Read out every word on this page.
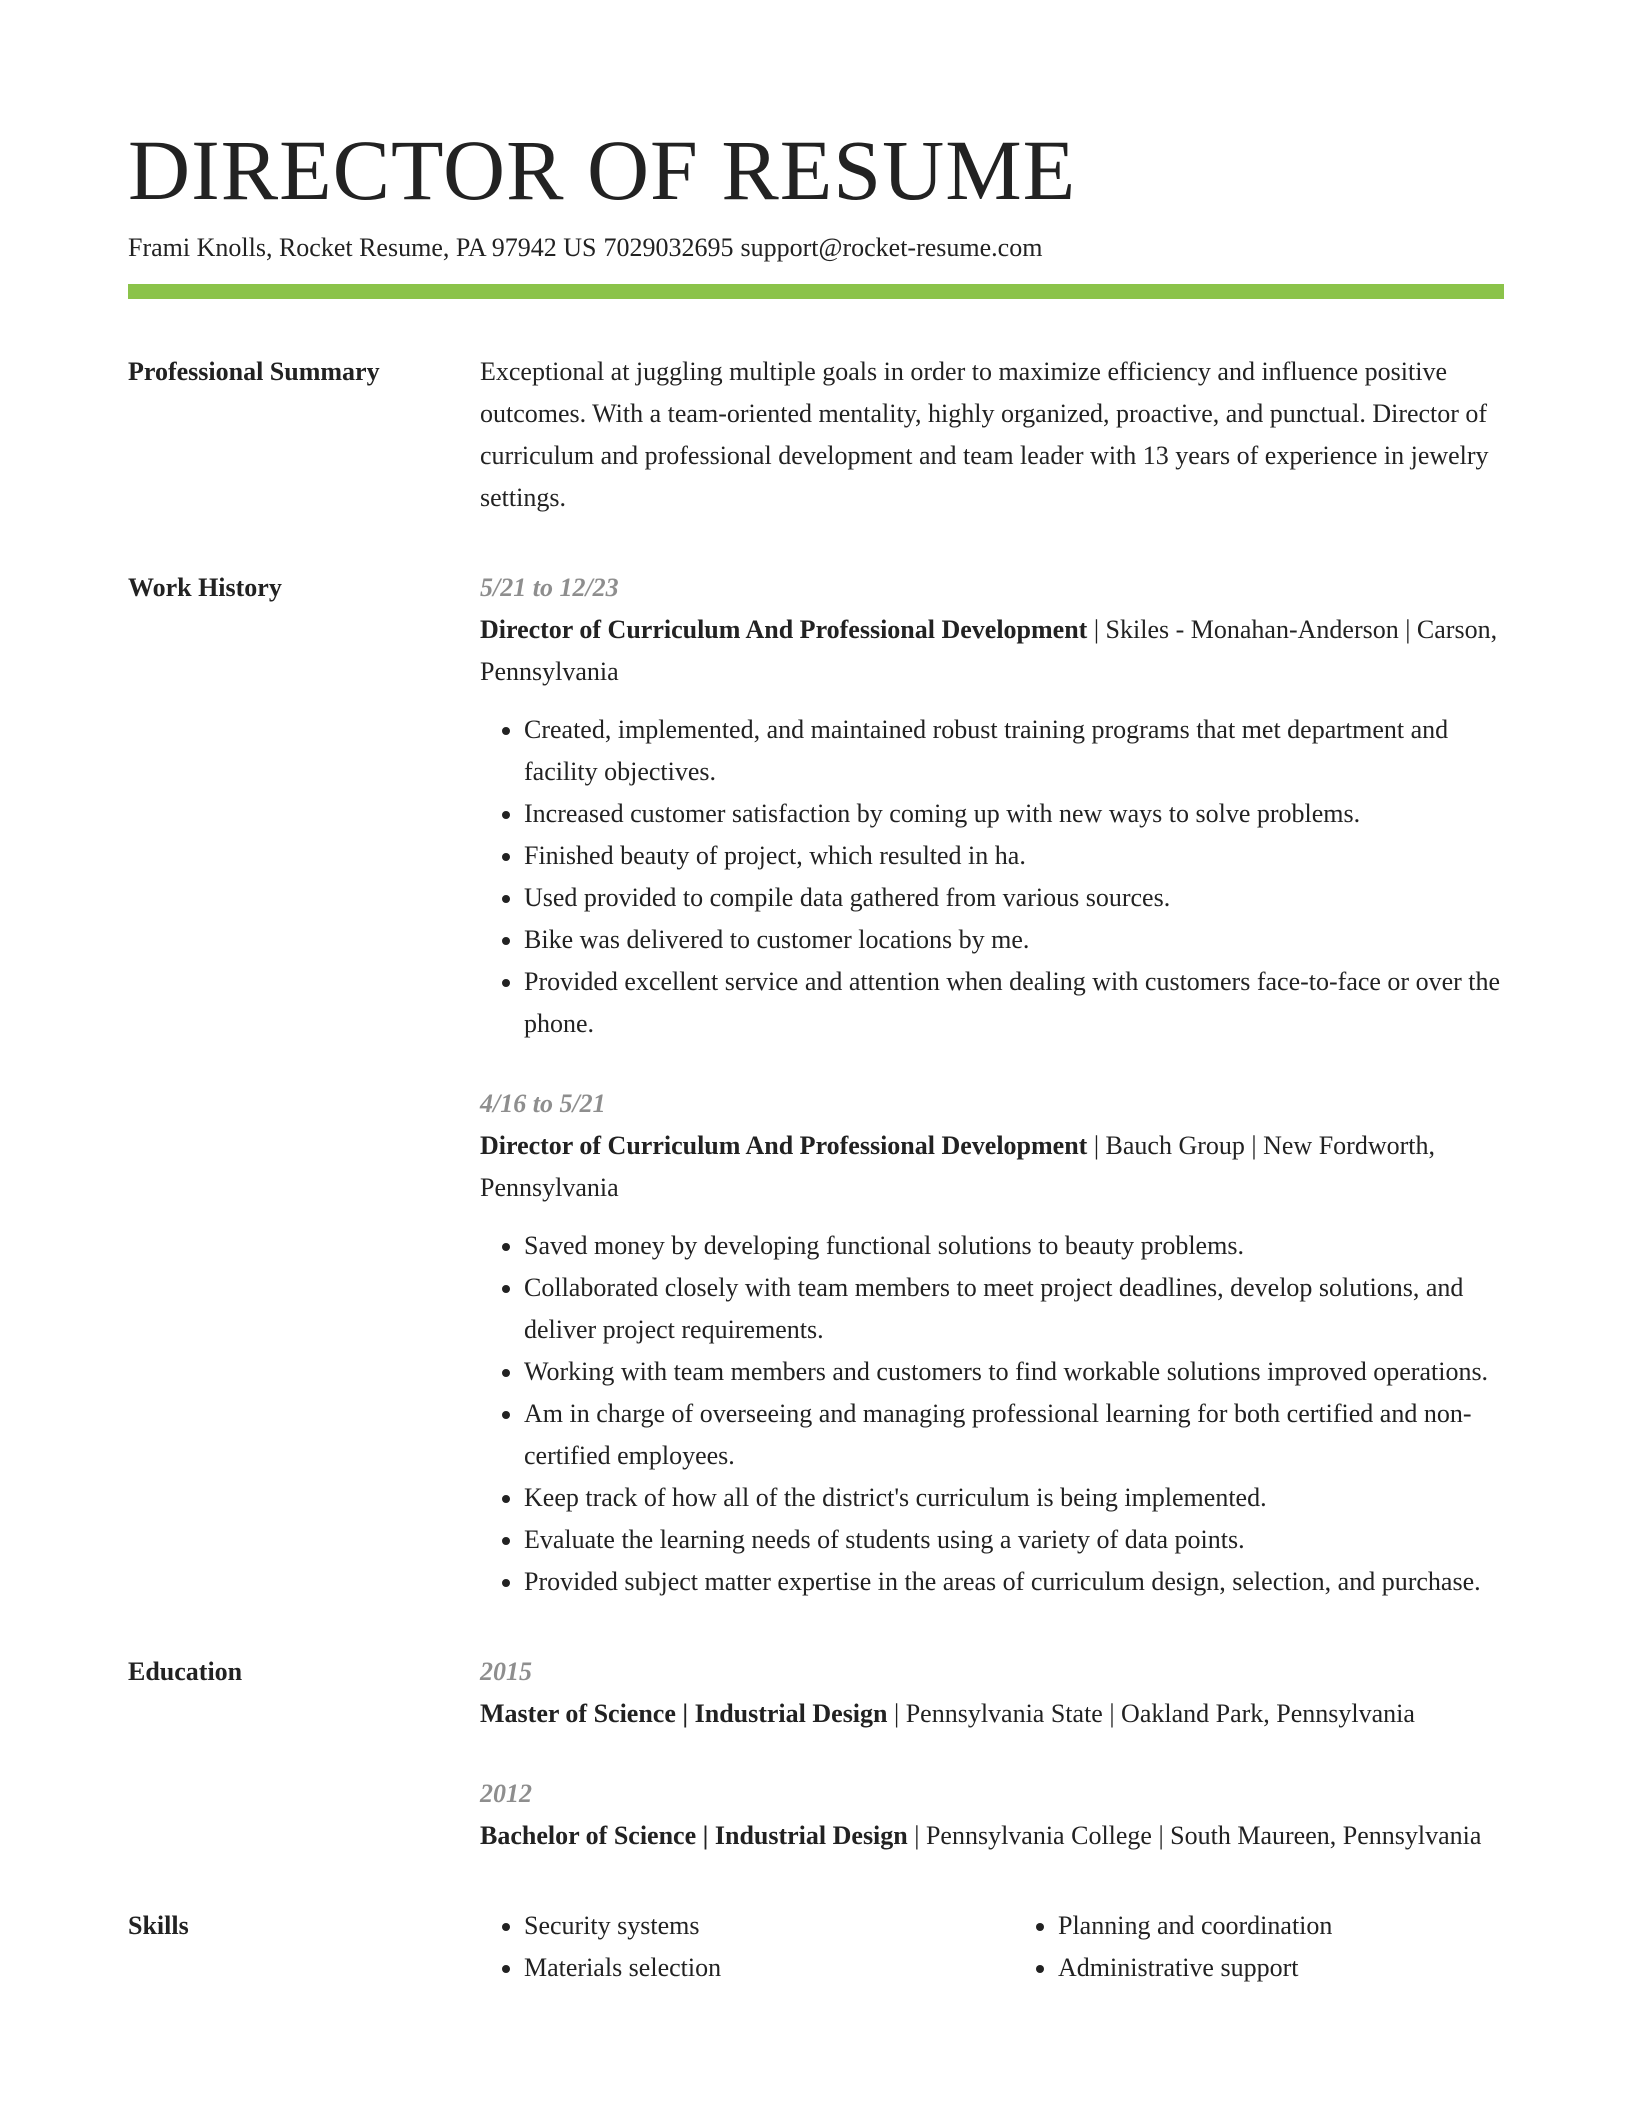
DIRECTOR OF RESUME
Frami Knolls, Rocket Resume, PA 97942 US 7029032695 support@rocket-resume.com
Professional Summary	Exceptional at juggling multiple goals in order to maximize efficiency and influence positive outcomes. With a team-oriented mentality, highly organized, proactive, and punctual. Director of curriculum and professional development and team leader with 13 years of experience in jewelry settings.
Work History	5/21 to 12/23
Director of Curriculum And Professional Development | Skiles - Monahan-Anderson | Carson, Pennsylvania
• Created, implemented, and maintained robust training programs that met department and facility objectives.
• Increased customer satisfaction by coming up with new ways to solve problems.
• Finished beauty of project, which resulted in ha.
• Used provided to compile data gathered from various sources.
• Bike was delivered to customer locations by me.
• Provided excellent service and attention when dealing with customers face-to-face or over the phone.
4/16 to 5/21
Director of Curriculum And Professional Development | Bauch Group | New Fordworth, Pennsylvania
• Saved money by developing functional solutions to beauty problems.
• Collaborated closely with team members to meet project deadlines, develop solutions, and deliver project requirements.
• Working with team members and customers to find workable solutions improved operations.
• Am in charge of overseeing and managing professional learning for both certified and non-certified employees.
• Keep track of how all of the district's curriculum is being implemented.
• Evaluate the learning needs of students using a variety of data points.
• Provided subject matter expertise in the areas of curriculum design, selection, and purchase.
Education	2015
Master of Science | Industrial Design | Pennsylvania State | Oakland Park, Pennsylvania
2012
Bachelor of Science | Industrial Design | Pennsylvania College | South Maureen, Pennsylvania
Skills
•	Security systems
• Materials selection
• Planning and coordination
• Administrative support
